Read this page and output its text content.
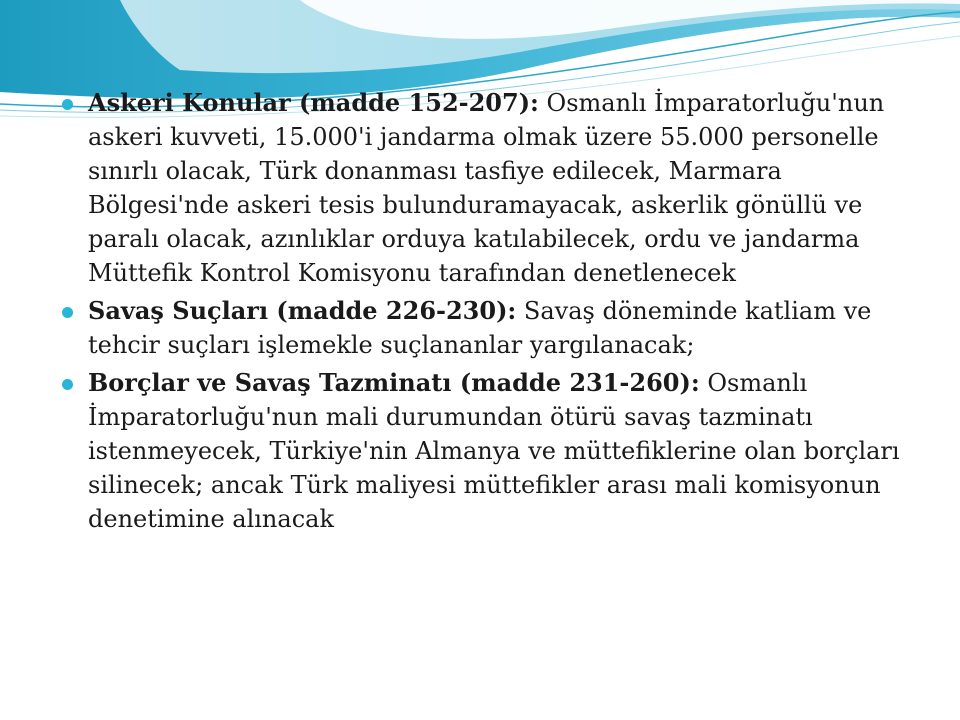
Askeri Konular (madde 152-207): Osmanlı İmparatorluğu'nun askeri kuvveti, 15.000'i jandarma olmak üzere 55.000 personelle sınırlı olacak, Türk donanması tasfiye edilecek, Marmara Bölgesi'nde askeri tesis bulunduramayacak, askerlik gönüllü ve paralı olacak, azınlıklar orduya katılabilecek, ordu ve jandarma Müttefik Kontrol Komisyonu tarafından denetlenecek
Savaş Suçları (madde 226-230): Savaş döneminde katliam ve tehcir suçları işlemekle suçlananlar yargılanacak;
Borçlar ve Savaş Tazminatı (madde 231-260): Osmanlı İmparatorluğu'nun mali durumundan ötürü savaş tazminatı istenmeyecek, Türkiye'nin Almanya ve müttefiklerine olan borçları silinecek; ancak Türk maliyesi müttefikler arası mali komisyonun denetimine alınacak
